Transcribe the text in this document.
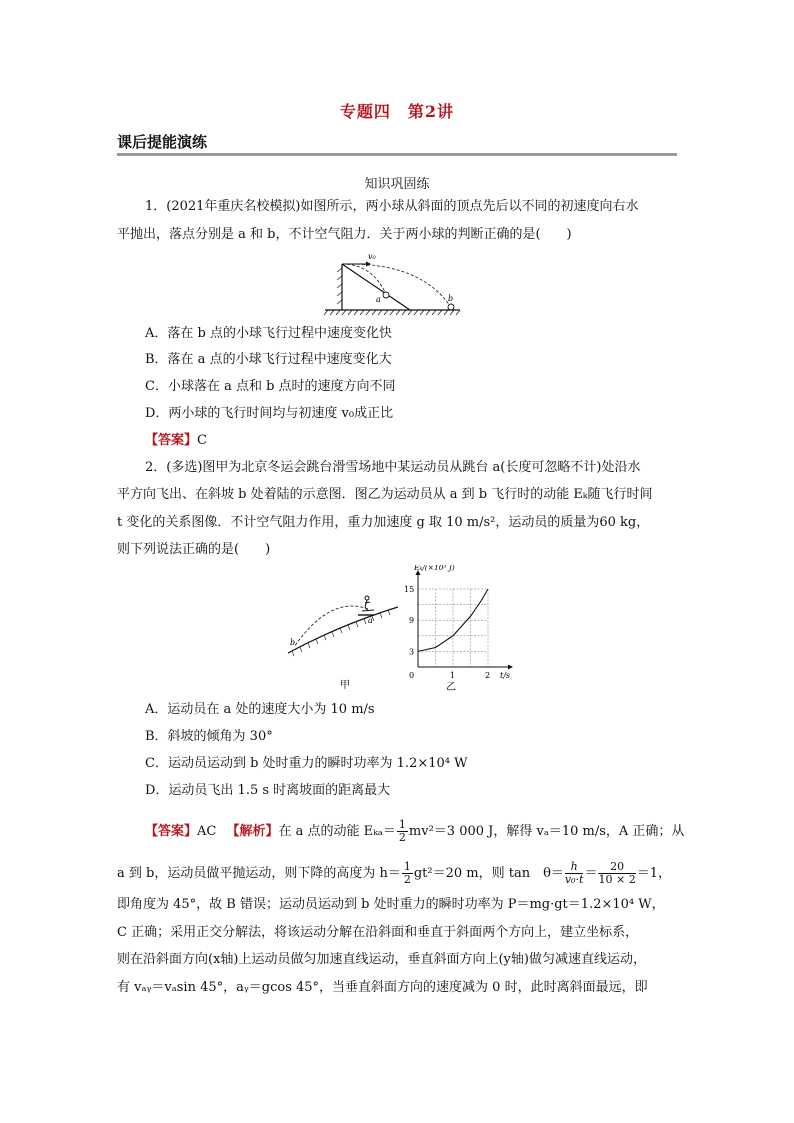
专题四　第2讲
课后提能演练
知识巩固练
1．(2021年重庆名校模拟)如图所示，两小球从斜面的顶点先后以不同的初速度向右水
平抛出，落点分别是 a 和 b，不计空气阻力．关于两小球的判断正确的是(　　)
v₀
a	b
A．落在 b 点的小球飞行过程中速度变化快
B．落在 a 点的小球飞行过程中速度变化大
C．小球落在 a 点和 b 点时的速度方向不同
D．两小球的飞行时间均与初速度 v₀成正比
【答案】C
2．(多选)图甲为北京冬运会跳台滑雪场地中某运动员从跳台 a(长度可忽略不计)处沿水
平方向飞出、在斜坡 b 处着陆的示意图．图乙为运动员从 a 到 b 飞行时的动能 Eₖ随飞行时间
t 变化的关系图像．不计空气阻力作用，重力加速度 g 取 10 m/s²，运动员的质量为60 kg，
则下列说法正确的是(　　)
a
b
甲
0	1	2
3
9
15
Eₖ/(×10³ J)
t/s
乙
A．运动员在 a 处的速度大小为 10 m/s
B．斜坡的倾角为 30°
C．运动员运动到 b 处时重力的瞬时功率为 1.2×10⁴ W
D．运动员飞出 1.5 s 时离坡面的距离最大
【答案】AC 【解析】在 a 点的动能 $E_{ka}= \frac{1}{2} mv^2=3$ 000 J，解得 vₐ＝10 m/s，A 正确；从
a 到 b，运动员做平抛运动，则下降的高度为 $h= \frac{1}{2} gt^2=20$ m，则 tan　$\theta= \frac{h}{\text{v₀·t}} = \frac{20}{10 \times 2} =1$，
即角度为 45°，故 B 错误；运动员运动到 b 处时重力的瞬时功率为 P＝mg·gt＝1.2×10⁴ W，
C 正确；采用正交分解法，将该运动分解在沿斜面和垂直于斜面两个方向上，建立坐标系，
则在沿斜面方向(x轴)上运动员做匀加速直线运动，垂直斜面方向上(y轴)做匀减速直线运动，
有 vₐᵧ＝vₐsin 45°，aᵧ＝gcos 45°，当垂直斜面方向的速度减为 0 时，此时离斜面最远，即
